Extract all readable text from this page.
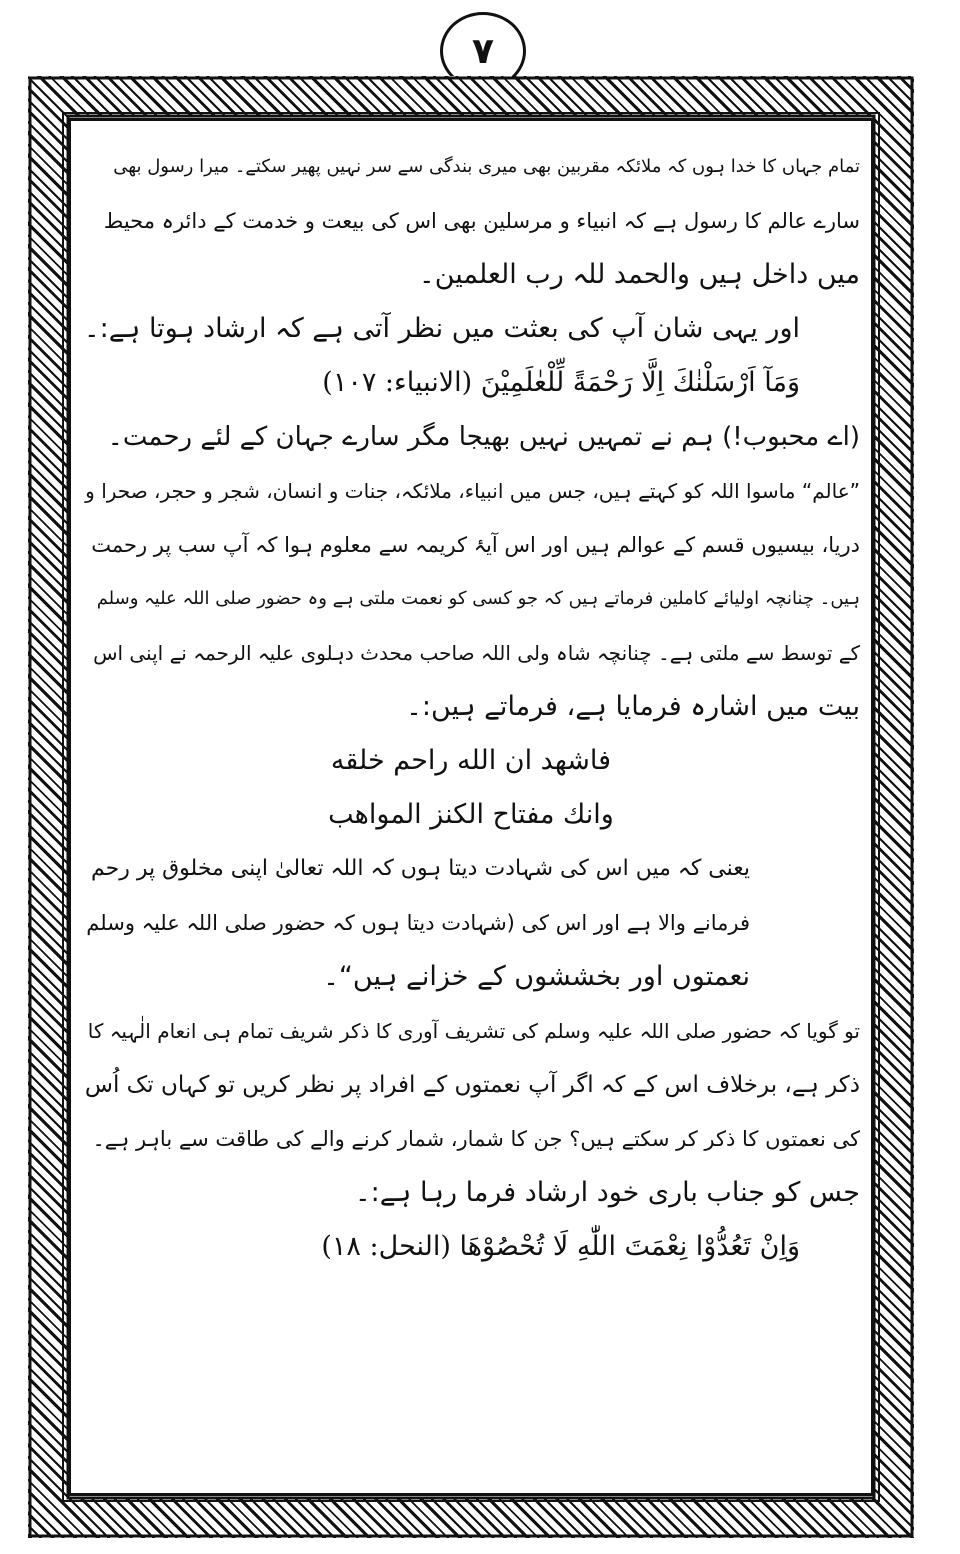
۷
تمام جہاں کا خدا ہوں کہ ملائکہ مقربین بھی میری بندگی سے سر نہیں پھیر سکتے۔ میرا رسول بھی
سارے عالم کا رسول ہے کہ انبیاء و مرسلین بھی اس کی بیعت و خدمت کے دائرہ محیط
میں داخل ہیں والحمد للہ رب العلمین۔
اور یہی شان آپ کی بعثت میں نظر آتی ہے کہ ارشاد ہوتا ہے:۔
وَمَآ اَرْسَلْنٰكَ اِلَّا رَحْمَةً لِّلْعٰلَمِيْنَ (الانبیاء: ۱۰۷)
(اے محبوب!) ہم نے تمہیں نہیں بھیجا مگر سارے جہان کے لئے رحمت۔
”عالم“ ماسوا اللہ کو کہتے ہیں، جس میں انبیاء، ملائکہ، جنات و انسان، شجر و حجر، صحرا و
دریا، بیسیوں قسم کے عوالم ہیں اور اس آیۂ کریمہ سے معلوم ہوا کہ آپ سب پر رحمت
ہیں۔ چنانچہ اولیائے کاملین فرماتے ہیں کہ جو کسی کو نعمت ملتی ہے وہ حضور صلی اللہ علیہ وسلم
کے توسط سے ملتی ہے۔ چنانچہ شاہ ولی اللہ صاحب محدث دہلوی علیہ الرحمہ نے اپنی اس
بیت میں اشارہ فرمایا ہے، فرماتے ہیں:۔
فاشهد ان الله راحم خلقه
وانك مفتاح الكنز المواهب
یعنی کہ میں اس کی شہادت دیتا ہوں کہ اللہ تعالیٰ اپنی مخلوق پر رحم
فرمانے والا ہے اور اس کی (شہادت دیتا ہوں کہ حضور صلی اللہ علیہ وسلم
نعمتوں اور بخششوں کے خزانے ہیں“۔
تو گویا کہ حضور صلی اللہ علیہ وسلم کی تشریف آوری کا ذکر شریف تمام ہی انعام الٰہیہ کا
ذکر ہے، برخلاف اس کے کہ اگر آپ نعمتوں کے افراد پر نظر کریں تو کہاں تک اُس
کی نعمتوں کا ذکر کر سکتے ہیں؟ جن کا شمار، شمار کرنے والے کی طاقت سے باہر ہے۔
جس کو جناب باری خود ارشاد فرما رہا ہے:۔
وَاِنْ تَعُدُّوْا نِعْمَتَ اللّٰهِ لَا تُحْصُوْهَا (النحل: ۱۸)
